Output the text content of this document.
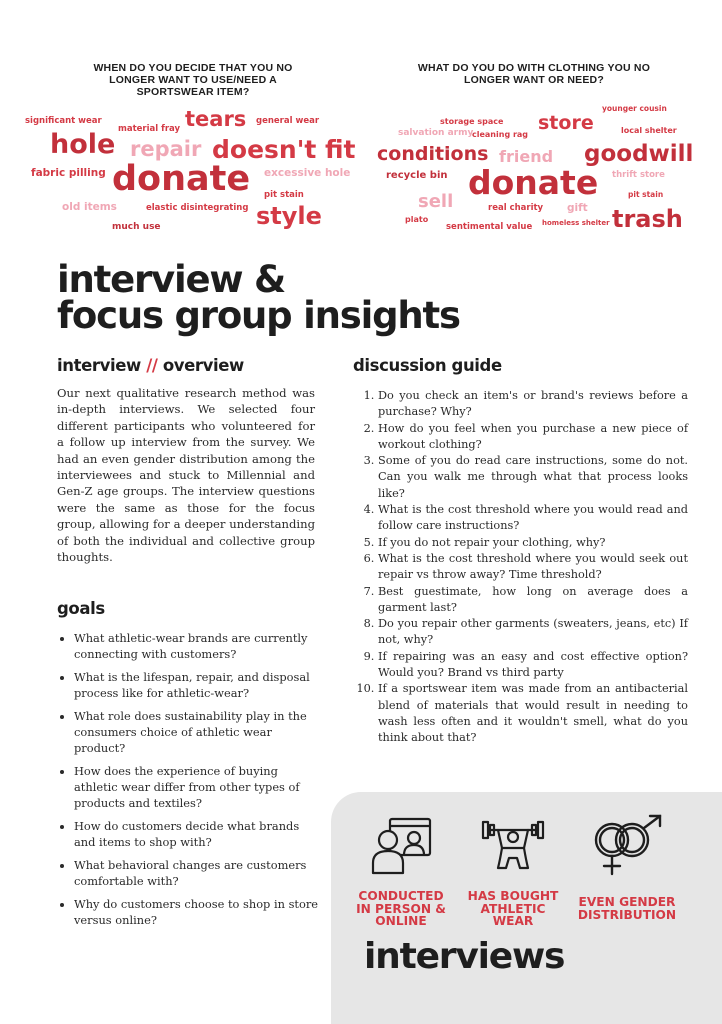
WHEN DO YOU DECIDE THAT YOU NO LONGER WANT TO USE/NEED A SPORTSWEAR ITEM?
significant wear
material fray tears general wear
hole repair doesn't fit
fabric pilling donate excessive hole
pit stain
old items	elastic disintegrating style
much use
WHAT DO YOU DO WITH CLOTHING YOU NO LONGER WANT OR NEED?
younger cousin
storage space store
salvation army
cleaning rag	local shelter
conditions friend goodwill
recycle bin donate thrift store
sell	pit stain
real charity gift
plato	homeless shelter trash
sentimental value
interview &
focus group insights
interview // overview

Our next qualitative research method was in-depth interviews. We selected four different participants who volunteered for a follow up interview from the survey. We had an even gender distribution among the interviewees and stuck to Millennial and Gen-Z age groups. The interview questions were the same as those for the focus group, allowing for a deeper understanding of both the individual and collective group thoughts.

goals
• What athletic-wear brands are currently connecting with customers?
• What is the lifespan, repair, and disposal process like for athletic-wear?
• What role does sustainability play in the consumers choice of athletic wear product?
• How does the experience of buying athletic wear differ from other types of products and textiles?
• How do customers decide what brands and items to shop with?
• What behavioral changes are customers comfortable with?
• Why do customers choose to shop in store versus online?
discussion guide
1. Do you check an item's or brand's reviews before a purchase? Why?
2. How do you feel when you purchase a new piece of workout clothing?
3. Some of you do read care instructions, some do not. Can you walk me through what that process looks like?
4. What is the cost threshold where you would read and follow care instructions?
5. If you do not repair your clothing, why?
6. What is the cost threshold where you would seek out repair vs throw away? Time threshold?
7. Best guestimate, how long on average does a garment last?
8. Do you repair other garments (sweaters, jeans, etc) If not, why?
9. If repairing was an easy and cost effective option? Would you? Brand vs third party
10. If a sportswear item was made from an antibacterial blend of materials that would result in needing to wash less often and it wouldn't smell, what do you think about that?
CONDUCTED IN PERSON & ONLINE
HAS BOUGHT ATHLETIC WEAR
EVEN GENDER DISTRIBUTION
interviews
